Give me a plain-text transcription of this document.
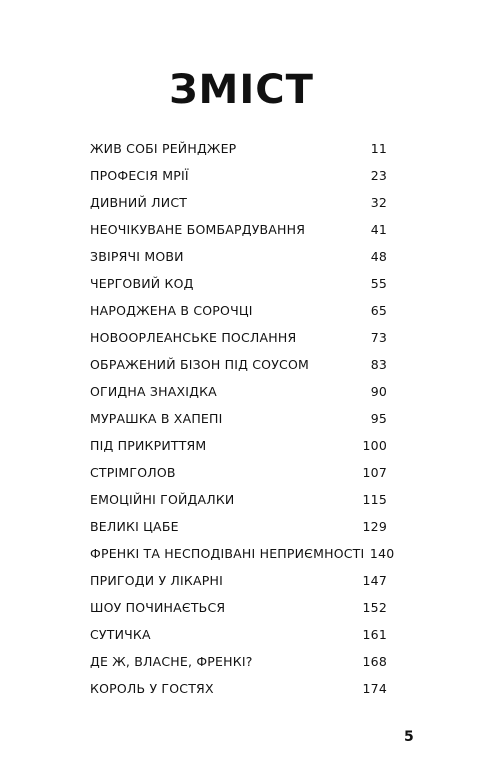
ЗМІСТ
ЖИВ СОБІ РЕЙНДЖЕР	11
ПРОФЕСІЯ МРІЇ	23
ДИВНИЙ ЛИСТ	32
НЕОЧІКУВАНЕ БОМБАРДУВАННЯ	41
ЗВІРЯЧІ МОВИ	48
ЧЕРГОВИЙ КОД	55
НАРОДЖЕНА В СОРОЧЦІ	65
НОВООРЛЕАНСЬКЕ ПОСЛАННЯ	73
ОБРАЖЕНИЙ БІЗОН ПІД СОУСОМ	83
ОГИДНА ЗНАХІДКА	90
МУРАШКА В ХАПЕПІ	95
ПІД ПРИКРИТТЯМ	100
СТРІМГОЛОВ	107
ЕМОЦІЙНІ ГОЙДАЛКИ	115
ВЕЛИКІ ЦАБЕ	129
ФРЕНКІ ТА НЕСПОДІВАНІ НЕПРИЄМНОСТІ 140
ПРИГОДИ У ЛІКАРНІ	147
ШОУ ПОЧИНАЄТЬСЯ	152
СУТИЧКА	161
ДЕ Ж, ВЛАСНЕ, ФРЕНКІ?	168
КОРОЛЬ У ГОСТЯХ	174
5
